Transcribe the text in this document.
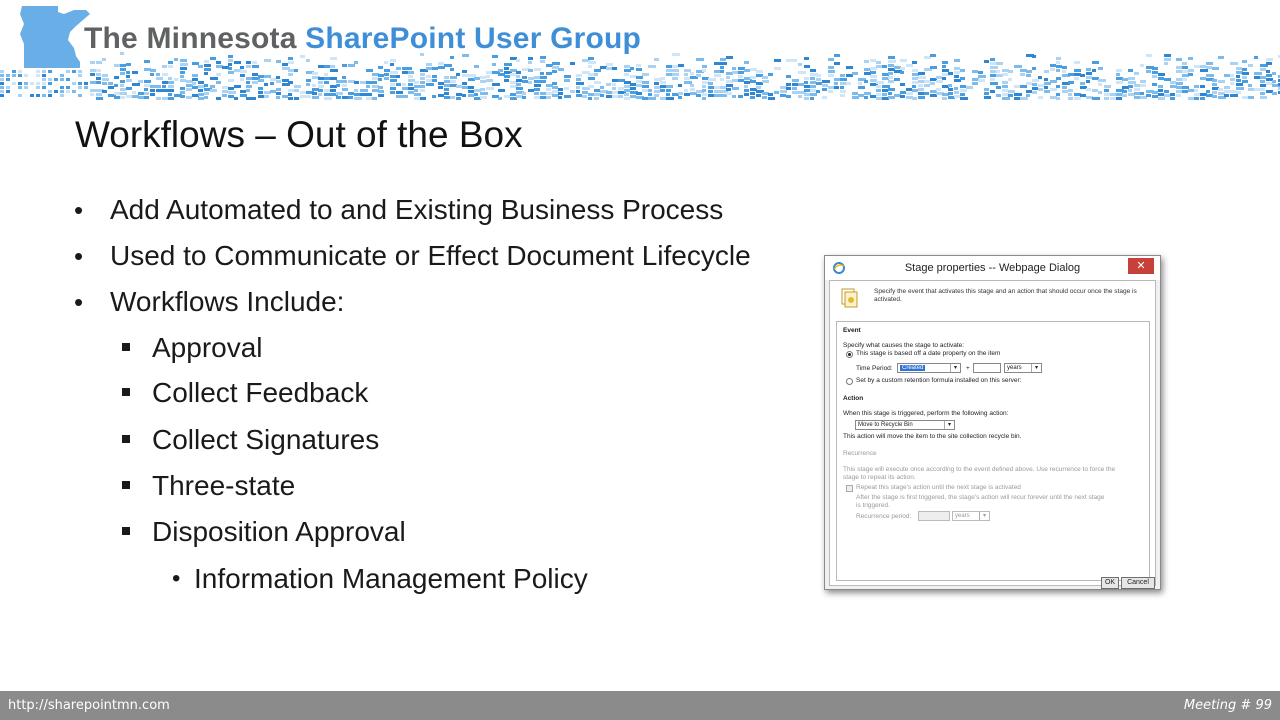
The Minnesota SharePoint User Group
Workflows – Out of the Box
• Add Automated to and Existing Business Process
• Used to Communicate or Effect Document Lifecycle
• Workflows Include:
Approval
Collect Feedback
Collect Signatures
Three-state
Disposition Approval
• Information Management Policy
Stage properties -- Webpage Dialog	✕
Specify the event that activates this stage and an action that should occur once the stage is activated.
Event
Specify what causes the stage to activate:
This stage is based off a date property on the item
Time Period:	Created	▾	+	years	▾
Set by a custom retention formula installed on this server:
Action
When this stage is triggered, perform the following action:
Move to Recycle Bin	▾
This action will move the item to the site collection recycle bin.
Recurrence
This stage will execute once according to the event defined above. Use recurrence to force the
stage to repeat its action.
Repeat this stage's action until the next stage is activated
After the stage is first triggered, the stage's action will recur forever until the next stage
is triggered.
Recurrence period:	years	▾
OK	Cancel
http://sharepointmn.com	Meeting # 99
